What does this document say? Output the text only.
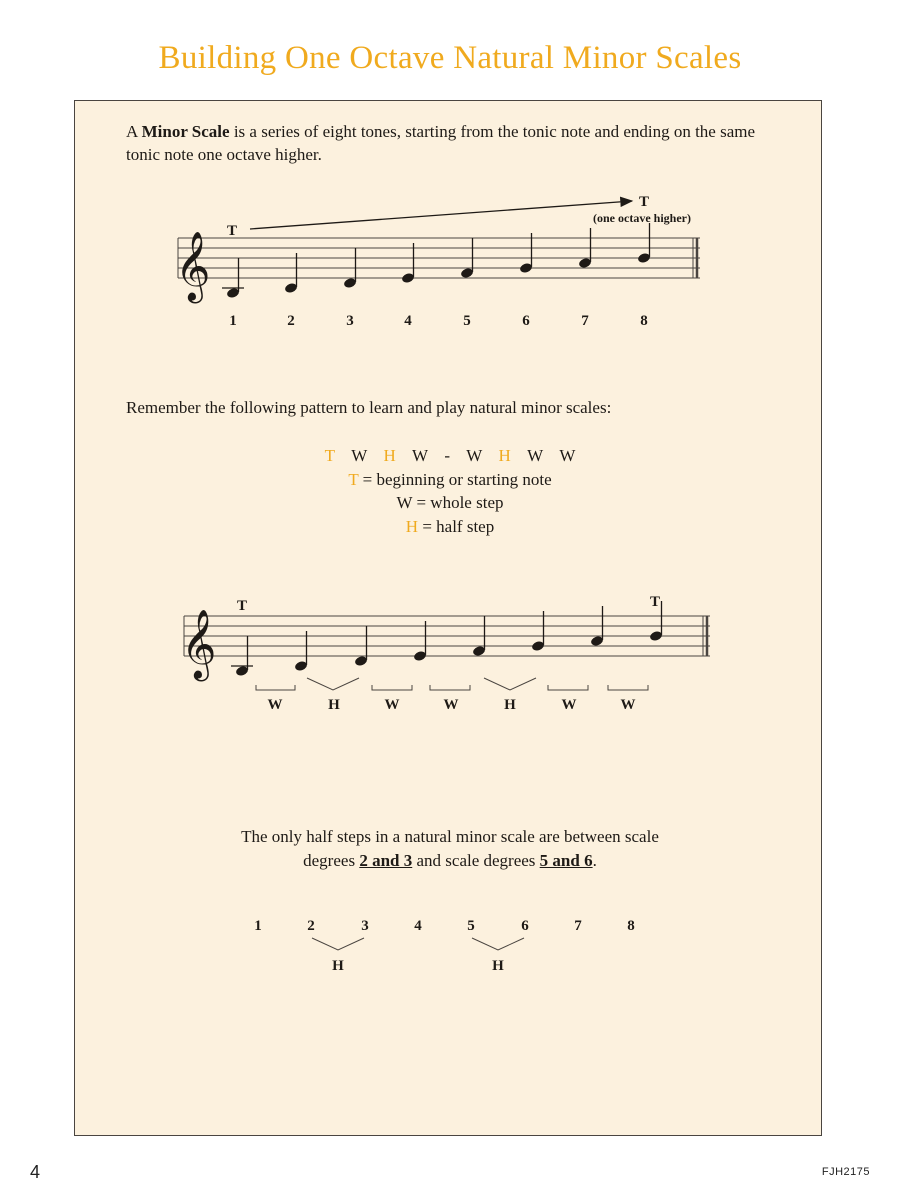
Building One Octave Natural Minor Scales

A Minor Scale is a series of eight tones, starting from the tonic note and ending on the same tonic note one octave higher.

𝄞 T
T
(one octave higher)
1	2	3	4	5	6	7	8

Remember the following pattern to learn and play natural minor scales:

T W H W - W H W W
T = beginning or starting note
W = whole step
H = half step
𝄞
T	T
W	H	W	W	H	W	W

The only half steps in a natural minor scale are between scale
degrees 2 and 3 and scale degrees 5 and 6.

1	2	3	4	5	6	7	8
H	H
4	FJH2175
